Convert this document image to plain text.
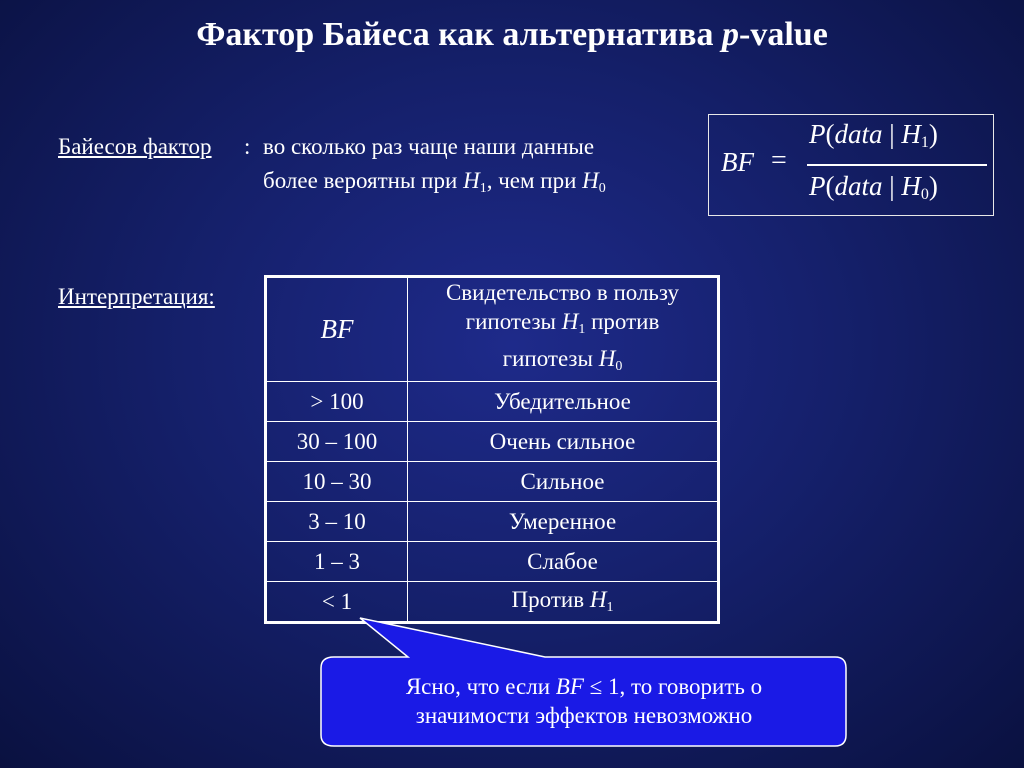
Фактор Байеса как альтернатива p-value
Байесов фактор : во сколько раз чаще наши данные
более вероятны при $H_1$, чем при $H_0$
BF =
P(data | $H_1$)
P(data | $H_0$)
Интерпретация:
BF	Свидетельство в пользу
гипотезы $H_1$ против
гипотезы $H_0$
> 100	Убедительное
30 – 100	Очень сильное
10 – 30	Сильное
3 – 10	Умеренное
1 – 3	Слабое
< 1	Против $H_1$
Ясно, что если BF ≤ 1, то говорить о
значимости эффектов невозможно
